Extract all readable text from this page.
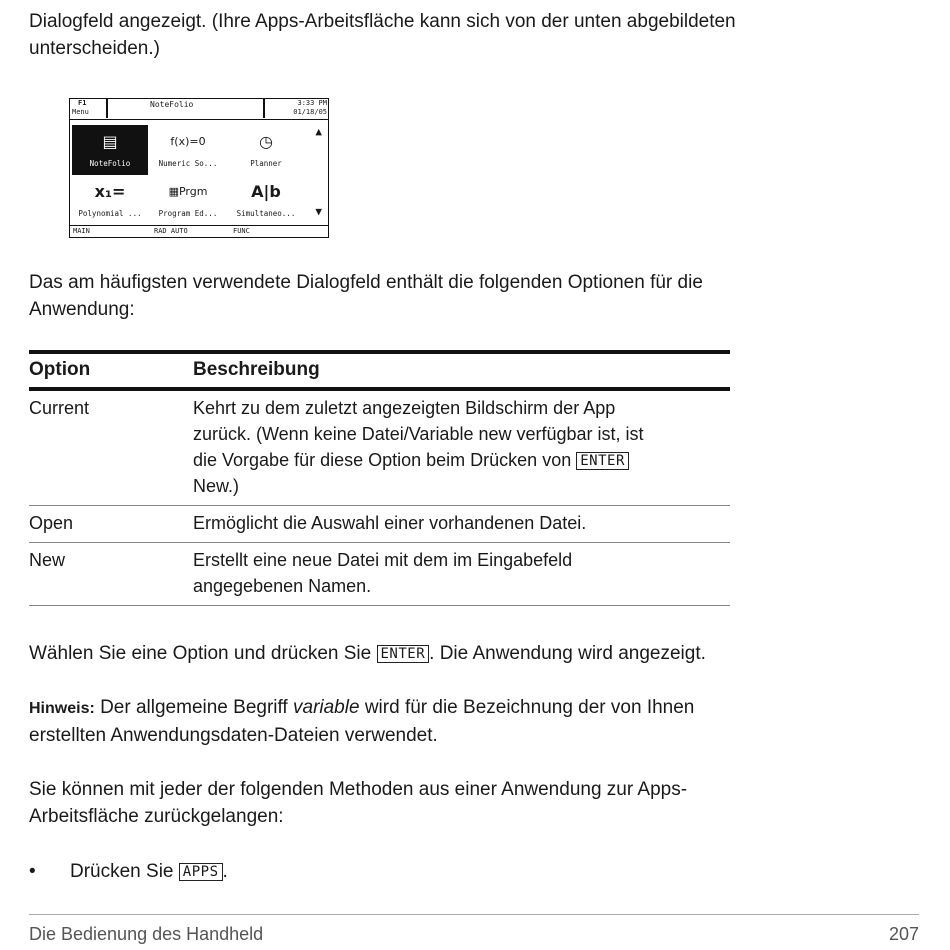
Dialogfeld angezeigt. (Ihre Apps-Arbeitsfläche kann sich von der unten abgebildeten
unterscheiden.)
F1
Menu
NoteFolio	3:33 PM
01/18/05
▤
NoteFolio
f(x)=0
Numeric So...
◷
Planner
x₁=
Polynomial ...
▦Prgm
Program Ed...
A|b
Simultaneo...
▲
▼
MAIN	RAD AUTO	FUNC
Das am häufigsten verwendete Dialogfeld enthält die folgenden Optionen für die
Anwendung:
Option	Beschreibung
Current	Kehrt zu dem zuletzt angezeigten Bildschirm der App
zurück. (Wenn keine Datei/Variable new verfügbar ist, ist
die Vorgabe für diese Option beim Drücken von ENTER
New.)

Open	Ermöglicht die Auswahl einer vorhandenen Datei.

New	Erstellt eine neue Datei mit dem im Eingabefeld
angegebenen Namen.
Wählen Sie eine Option und drücken Sie ENTER . Die Anwendung wird angezeigt.
Hinweis: Der allgemeine Begriff variable wird für die Bezeichnung der von Ihnen
erstellten Anwendungsdaten-Dateien verwendet.
Sie können mit jeder der folgenden Methoden aus einer Anwendung zur Apps-
Arbeitsfläche zurückgelangen:
• Drücken Sie APPS .
Die Bedienung des Handheld	207
